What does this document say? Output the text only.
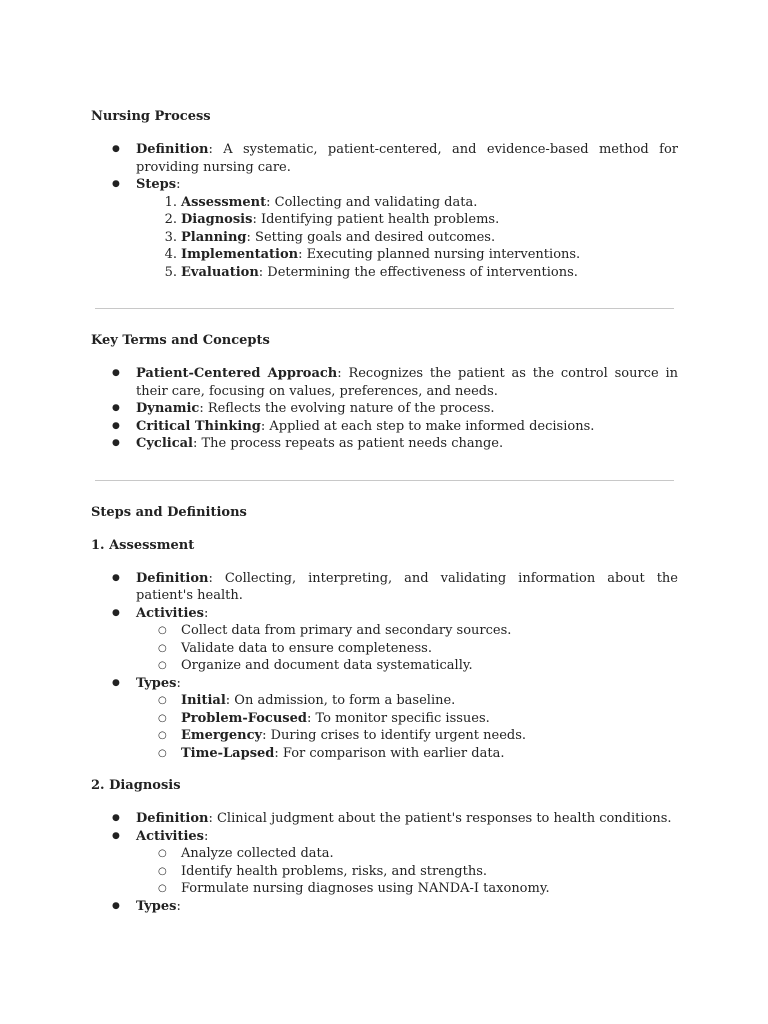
Nursing Process
● Definition: A systematic, patient-centered, and evidence-based method for providing nursing care.
● Steps:
1. Assessment: Collecting and validating data.
2. Diagnosis: Identifying patient health problems.
3. Planning: Setting goals and desired outcomes.
4. Implementation: Executing planned nursing interventions.
5. Evaluation: Determining the effectiveness of interventions.
Key Terms and Concepts
● Patient-Centered Approach: Recognizes the patient as the control source in their care, focusing on values, preferences, and needs.
● Dynamic: Reflects the evolving nature of the process.
● Critical Thinking: Applied at each step to make informed decisions.
● Cyclical: The process repeats as patient needs change.
Steps and Definitions
1. Assessment
● Definition: Collecting, interpreting, and validating information about the patient's health.
● Activities:
○ Collect data from primary and secondary sources.
○ Validate data to ensure completeness.
○ Organize and document data systematically.
● Types:
○ Initial: On admission, to form a baseline.
○ Problem-Focused: To monitor specific issues.
○ Emergency: During crises to identify urgent needs.
○ Time-Lapsed: For comparison with earlier data.
2. Diagnosis
● Definition: Clinical judgment about the patient's responses to health conditions.
● Activities:
○ Analyze collected data.
○ Identify health problems, risks, and strengths.
○ Formulate nursing diagnoses using NANDA-I taxonomy.
● Types:
